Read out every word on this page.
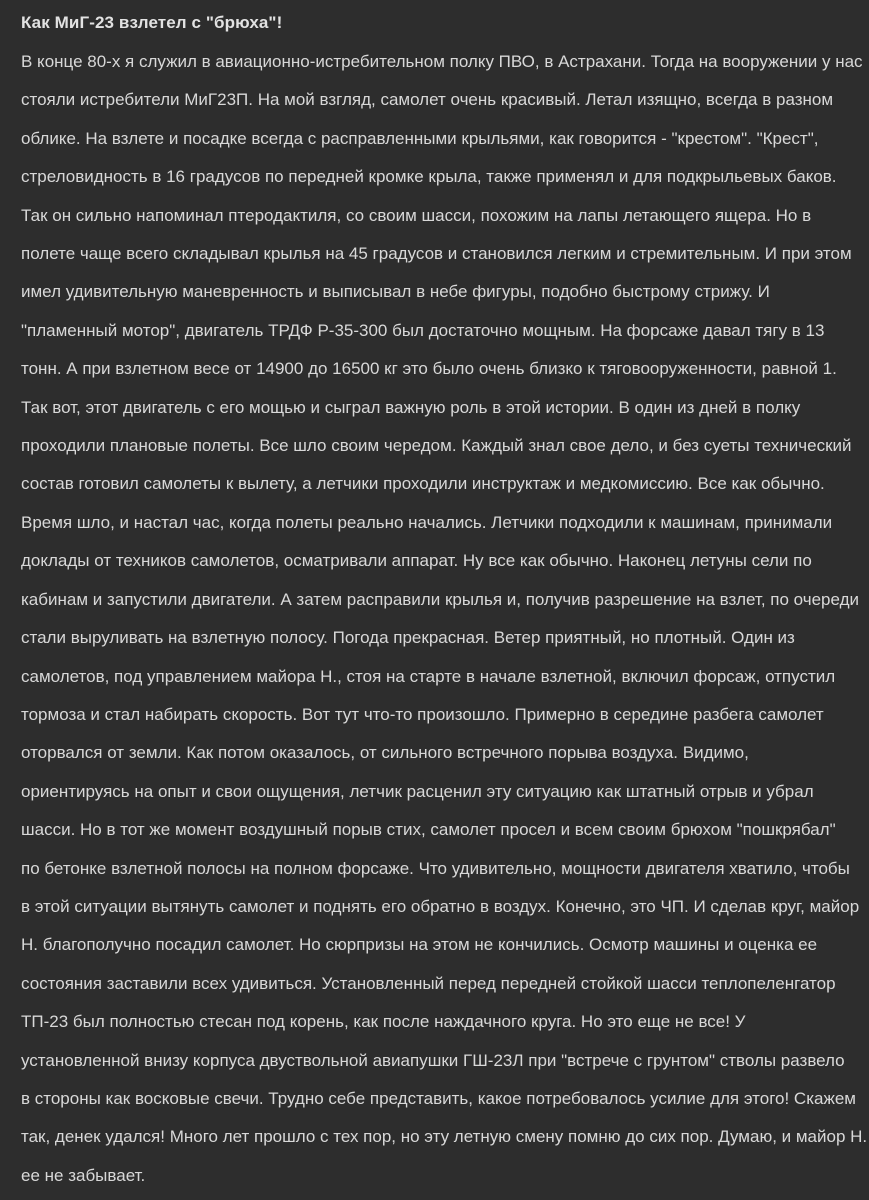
Как МиГ-23 взлетел с "брюха"!
В конце 80-х я служил в авиационно-истребительном полку ПВО, в Астрахани. Тогда на вооружении у нас
стояли истребители МиГ23П. На мой взгляд, самолет очень красивый. Летал изящно, всегда в разном
облике. На взлете и посадке всегда с расправленными крыльями, как говорится - "крестом". "Крест",
стреловидность в 16 градусов по передней кромке крыла, также применял и для подкрыльевых баков.
Так он сильно напоминал птеродактиля, со своим шасси, похожим на лапы летающего ящера. Но в
полете чаще всего складывал крылья на 45 градусов и становился легким и стремительным. И при этом
имел удивительную маневренность и выписывал в небе фигуры, подобно быстрому стрижу. И
"пламенный мотор", двигатель ТРДФ Р-35-300 был достаточно мощным. На форсаже давал тягу в 13
тонн. А при взлетном весе от 14900 до 16500 кг это было очень близко к тяговооруженности, равной 1.
Так вот, этот двигатель с его мощью и сыграл важную роль в этой истории. В один из дней в полку
проходили плановые полеты. Все шло своим чередом. Каждый знал свое дело, и без суеты технический
состав готовил самолеты к вылету, а летчики проходили инструктаж и медкомиссию. Все как обычно.
Время шло, и настал час, когда полеты реально начались. Летчики подходили к машинам, принимали
доклады от техников самолетов, осматривали аппарат. Ну все как обычно. Наконец летуны сели по
кабинам и запустили двигатели. А затем расправили крылья и, получив разрешение на взлет, по очереди
стали выруливать на взлетную полосу. Погода прекрасная. Ветер приятный, но плотный. Один из
самолетов, под управлением майора Н., стоя на старте в начале взлетной, включил форсаж, отпустил
тормоза и стал набирать скорость. Вот тут что-то произошло. Примерно в середине разбега самолет
оторвался от земли. Как потом оказалось, от сильного встречного порыва воздуха. Видимо,
ориентируясь на опыт и свои ощущения, летчик расценил эту ситуацию как штатный отрыв и убрал
шасси. Но в тот же момент воздушный порыв стих, самолет просел и всем своим брюхом "пошкрябал"
по бетонке взлетной полосы на полном форсаже. Что удивительно, мощности двигателя хватило, чтобы
в этой ситуации вытянуть самолет и поднять его обратно в воздух. Конечно, это ЧП. И сделав круг, майор
Н. благополучно посадил самолет. Но сюрпризы на этом не кончились. Осмотр машины и оценка ее
состояния заставили всех удивиться. Установленный перед передней стойкой шасси теплопеленгатор
ТП-23 был полностью стесан под корень, как после наждачного круга. Но это еще не все! У
установленной внизу корпуса двуствольной авиапушки ГШ-23Л при "встрече с грунтом" стволы развело
в стороны как восковые свечи. Трудно себе представить, какое потребовалось усилие для этого! Скажем
так, денек удался! Много лет прошло с тех пор, но эту летную смену помню до сих пор. Думаю, и майор Н.
ее не забывает.
